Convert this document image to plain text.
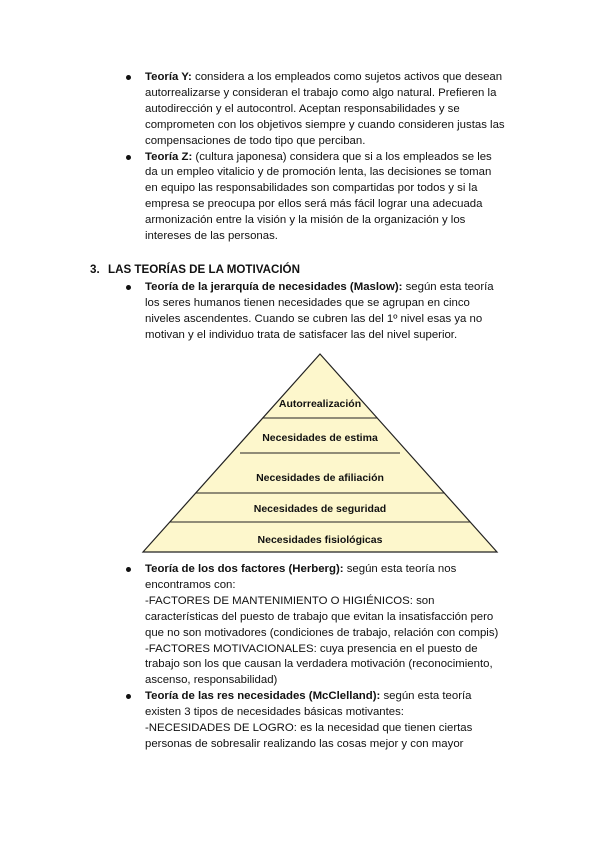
Teoría Y: considera a los empleados como sujetos activos que desean
autorrealizarse y consideran el trabajo como algo natural. Prefieren la
autodirección y el autocontrol. Aceptan responsabilidades y se
comprometen con los objetivos siempre y cuando consideren justas las
compensaciones de todo tipo que perciban.
Teoría Z: (cultura japonesa) considera que si a los empleados se les
da un empleo vitalicio y de promoción lenta, las decisiones se toman
en equipo las responsabilidades son compartidas por todos y si la
empresa se preocupa por ellos será más fácil lograr una adecuada
armonización entre la visión y la misión de la organización y los
intereses de las personas.
3. LAS TEORÍAS DE LA MOTIVACIÓN
Teoría de la jerarquía de necesidades (Maslow): según esta teoría
los seres humanos tienen necesidades que se agrupan en cinco
niveles ascendentes. Cuando se cubren las del 1º nivel esas ya no
motivan y el individuo trata de satisfacer las del nivel superior.
Autorrealización
Necesidades de estima
Necesidades de afiliación
Necesidades de seguridad
Necesidades fisiológicas
Teoría de los dos factores (Herberg): según esta teoría nos
encontramos con:
-FACTORES DE MANTENIMIENTO O HIGIÉNICOS: son
características del puesto de trabajo que evitan la insatisfacción pero
que no son motivadores (condiciones de trabajo, relación con compis)
-FACTORES MOTIVACIONALES: cuya presencia en el puesto de
trabajo son los que causan la verdadera motivación (reconocimiento,
ascenso, responsabilidad)
Teoría de las res necesidades (McClelland): según esta teoría
existen 3 tipos de necesidades básicas motivantes:
-NECESIDADES DE LOGRO: es la necesidad que tienen ciertas
personas de sobresalir realizando las cosas mejor y con mayor
